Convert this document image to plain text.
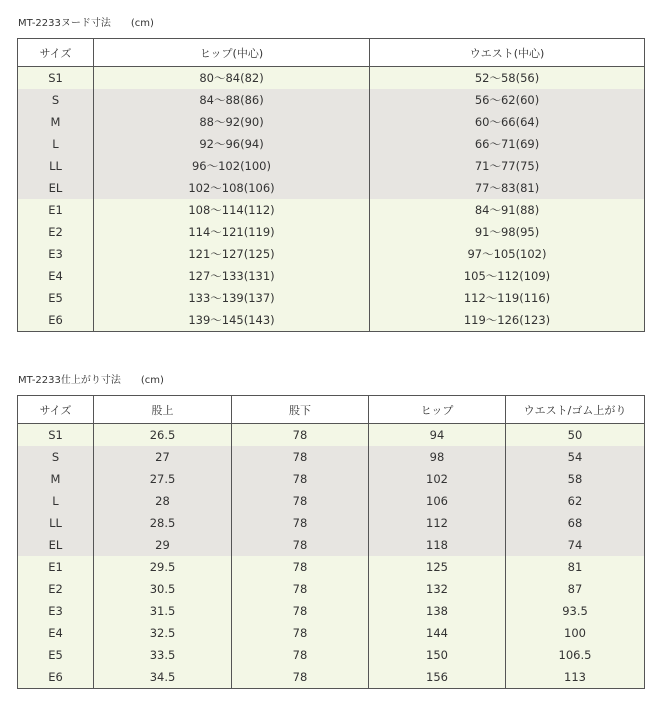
MT-2233ヌード寸法　　(cm)
サイズ	ヒップ(中心)	ウエスト(中心)
S1	80～84(82)	52～58(56)
S	84～88(86)	56～62(60)
M	88～92(90)	60～66(64)
L	92～96(94)	66～71(69)
LL	96～102(100)	71～77(75)
EL	102～108(106)	77～83(81)
E1	108～114(112)	84～91(88)
E2	114～121(119)	91～98(95)
E3	121～127(125)	97～105(102)
E4	127～133(131)	105～112(109)
E5	133～139(137)	112～119(116)
E6	139～145(143)	119～126(123)
MT-2233仕上がり寸法　　(cm)
サイズ	股上	股下	ヒップ	ウエスト/ゴム上がり
S1	26.5	78	94	50
S	27	78	98	54
M	27.5	78	102	58
L	28	78	106	62
LL	28.5	78	112	68
EL	29	78	118	74
E1	29.5	78	125	81
E2	30.5	78	132	87
E3	31.5	78	138	93.5
E4	32.5	78	144	100
E5	33.5	78	150	106.5
E6	34.5	78	156	113
